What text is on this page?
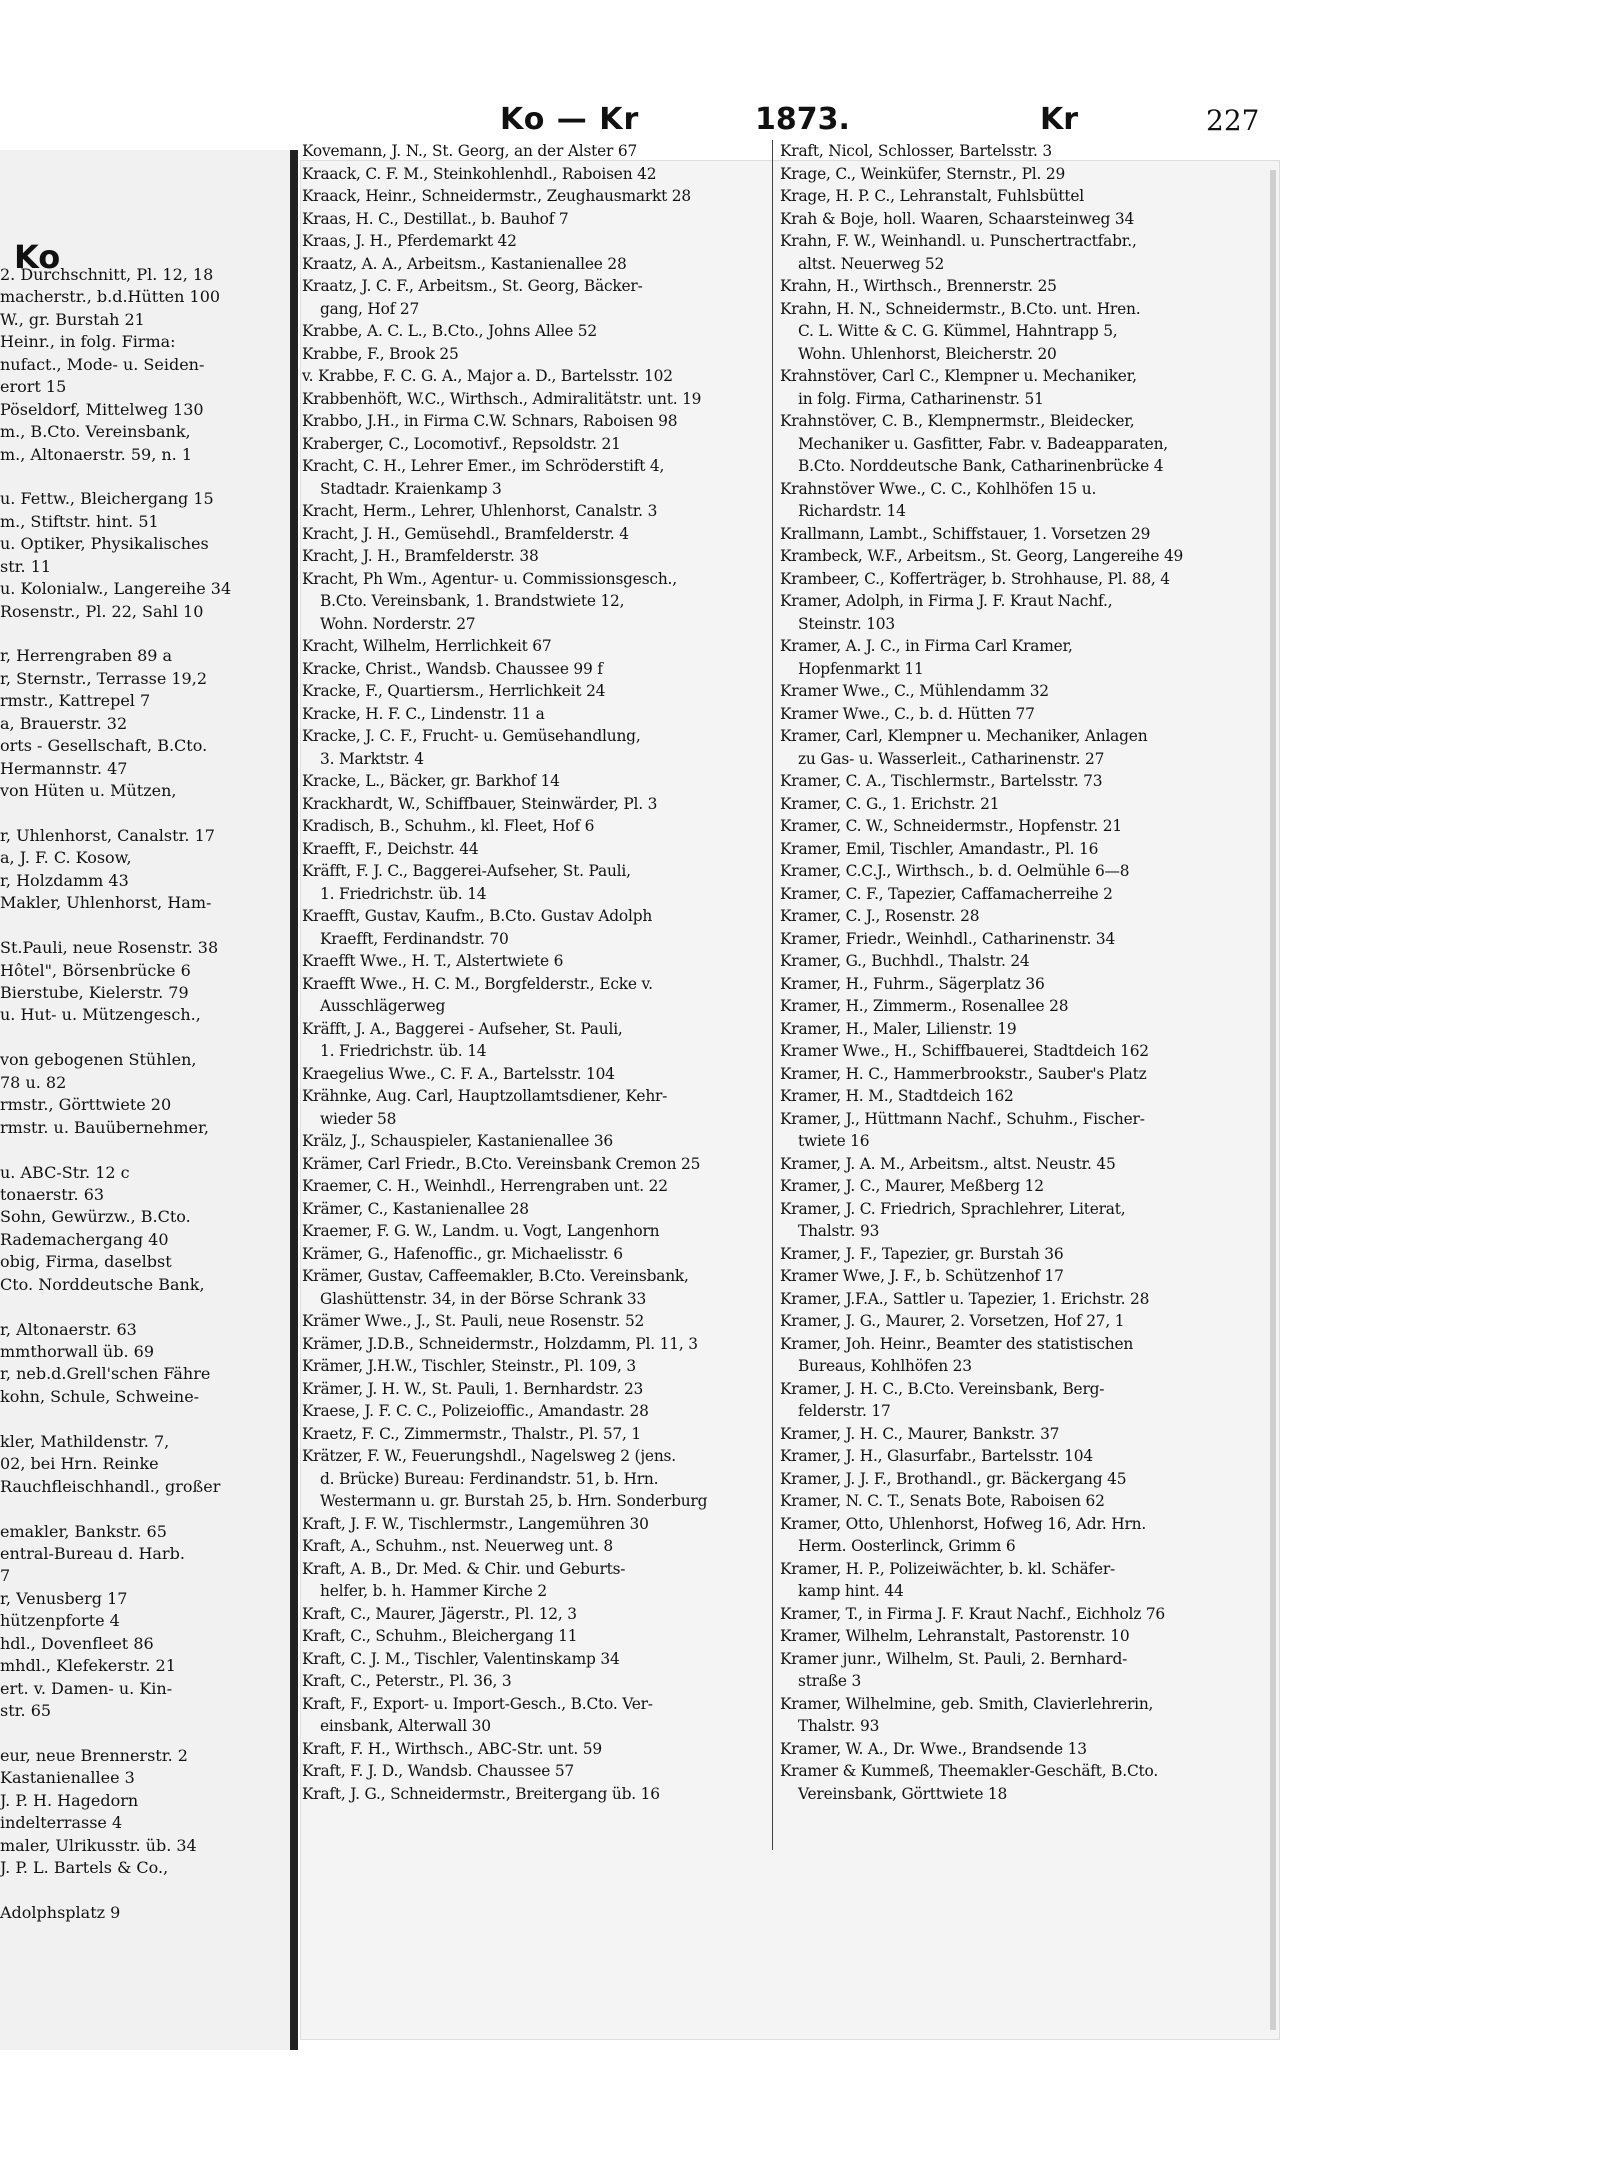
Ko
2. Durchschnitt, Pl. 12, 18
macherstr., b.d.Hütten 100
W., gr. Burstah 21
Heinr., in folg. Firma:
nufact., Mode- u. Seiden-
erort 15
Pöseldorf, Mittelweg 130
m., B.Cto. Vereinsbank,
m., Altonaerstr. 59, n. 1
u. Fettw., Bleichergang 15
m., Stiftstr. hint. 51
u. Optiker, Physikalisches
str. 11
u. Kolonialw., Langereihe 34
Rosenstr., Pl. 22, Sahl 10
r, Herrengraben 89 a
r, Sternstr., Terrasse 19,2
rmstr., Kattrepel 7
a, Brauerstr. 32
orts - Gesellschaft, B.Cto.
Hermannstr. 47
von Hüten u. Mützen,
r, Uhlenhorst, Canalstr. 17
a, J. F. C. Kosow,
r, Holzdamm 43
Makler, Uhlenhorst, Ham-
St.Pauli, neue Rosenstr. 38
Hôtel", Börsenbrücke 6
Bierstube, Kielerstr. 79
u. Hut- u. Mützengesch.,
von gebogenen Stühlen,
78 u. 82
rmstr., Görttwiete 20
rmstr. u. Bauübernehmer,
u. ABC-Str. 12 c
tonaerstr. 63
Sohn, Gewürzw., B.Cto.
Rademachergang 40
obig, Firma, daselbst
Cto. Norddeutsche Bank,
r, Altonaerstr. 63
mmthorwall üb. 69
r, neb.d.Grell'schen Fähre
kohn, Schule, Schweine-
kler, Mathildenstr. 7,
02, bei Hrn. Reinke
Rauchfleischhandl., großer
emakler, Bankstr. 65
entral-Bureau d. Harb.
7
r, Venusberg 17
hützenpforte 4
hdl., Dovenfleet 86
mhdl., Klefekerstr. 21
ert. v. Damen- u. Kin-
str. 65
eur, neue Brennerstr. 2
Kastanienallee 3
J. P. H. Hagedorn
indelterrasse 4
maler, Ulrikusstr. üb. 34
J. P. L. Bartels & Co.,
Adolphsplatz 9
Ko — Kr	1873.	Kr	227
Kovemann, J. N., St. Georg, an der Alster 67
Kraack, C. F. M., Steinkohlenhdl., Raboisen 42
Kraack, Heinr., Schneidermstr., Zeughausmarkt 28
Kraas, H. C., Destillat., b. Bauhof 7
Kraas, J. H., Pferdemarkt 42
Kraatz, A. A., Arbeitsm., Kastanienallee 28
Kraatz, J. C. F., Arbeitsm., St. Georg, Bäcker-
gang, Hof 27
Krabbe, A. C. L., B.Cto., Johns Allee 52
Krabbe, F., Brook 25
v. Krabbe, F. C. G. A., Major a. D., Bartelsstr. 102
Krabbenhöft, W.C., Wirthsch., Admiralitätstr. unt. 19
Krabbo, J.H., in Firma C.W. Schnars, Raboisen 98
Kraberger, C., Locomotivf., Repsoldstr. 21
Kracht, C. H., Lehrer Emer., im Schröderstift 4,
Stadtadr. Kraienkamp 3
Kracht, Herm., Lehrer, Uhlenhorst, Canalstr. 3
Kracht, J. H., Gemüsehdl., Bramfelderstr. 4
Kracht, J. H., Bramfelderstr. 38
Kracht, Ph Wm., Agentur- u. Commissionsgesch.,
B.Cto. Vereinsbank, 1. Brandstwiete 12,
Wohn. Norderstr. 27
Kracht, Wilhelm, Herrlichkeit 67
Kracke, Christ., Wandsb. Chaussee 99 f
Kracke, F., Quartiersm., Herrlichkeit 24
Kracke, H. F. C., Lindenstr. 11 a
Kracke, J. C. F., Frucht- u. Gemüsehandlung,
3. Marktstr. 4
Kracke, L., Bäcker, gr. Barkhof 14
Krackhardt, W., Schiffbauer, Steinwärder, Pl. 3
Kradisch, B., Schuhm., kl. Fleet, Hof 6
Kraefft, F., Deichstr. 44
Kräfft, F. J. C., Baggerei-Aufseher, St. Pauli,
1. Friedrichstr. üb. 14
Kraefft, Gustav, Kaufm., B.Cto. Gustav Adolph
Kraefft, Ferdinandstr. 70
Kraefft Wwe., H. T., Alstertwiete 6
Kraefft Wwe., H. C. M., Borgfelderstr., Ecke v.
Ausschlägerweg
Kräfft, J. A., Baggerei - Aufseher, St. Pauli,
1. Friedrichstr. üb. 14
Kraegelius Wwe., C. F. A., Bartelsstr. 104
Krähnke, Aug. Carl, Hauptzollamtsdiener, Kehr-
wieder 58
Krälz, J., Schauspieler, Kastanienallee 36
Krämer, Carl Friedr., B.Cto. Vereinsbank Cremon 25
Kraemer, C. H., Weinhdl., Herrengraben unt. 22
Krämer, C., Kastanienallee 28
Kraemer, F. G. W., Landm. u. Vogt, Langenhorn
Krämer, G., Hafenoffic., gr. Michaelisstr. 6
Krämer, Gustav, Caffeemakler, B.Cto. Vereinsbank,
Glashüttenstr. 34, in der Börse Schrank 33
Krämer Wwe., J., St. Pauli, neue Rosenstr. 52
Krämer, J.D.B., Schneidermstr., Holzdamm, Pl. 11, 3
Krämer, J.H.W., Tischler, Steinstr., Pl. 109, 3
Krämer, J. H. W., St. Pauli, 1. Bernhardstr. 23
Kraese, J. F. C. C., Polizeioffic., Amandastr. 28
Kraetz, F. C., Zimmermstr., Thalstr., Pl. 57, 1
Krätzer, F. W., Feuerungshdl., Nagelsweg 2 (jens.
d. Brücke) Bureau: Ferdinandstr. 51, b. Hrn.
Westermann u. gr. Burstah 25, b. Hrn. Sonderburg
Kraft, J. F. W., Tischlermstr., Langemühren 30
Kraft, A., Schuhm., nst. Neuerweg unt. 8
Kraft, A. B., Dr. Med. & Chir. und Geburts-
helfer, b. h. Hammer Kirche 2
Kraft, C., Maurer, Jägerstr., Pl. 12, 3
Kraft, C., Schuhm., Bleichergang 11
Kraft, C. J. M., Tischler, Valentinskamp 34
Kraft, C., Peterstr., Pl. 36, 3
Kraft, F., Export- u. Import-Gesch., B.Cto. Ver-
einsbank, Alterwall 30
Kraft, F. H., Wirthsch., ABC-Str. unt. 59
Kraft, F. J. D., Wandsb. Chaussee 57
Kraft, J. G., Schneidermstr., Breitergang üb. 16
Kraft, Nicol, Schlosser, Bartelsstr. 3
Krage, C., Weinküfer, Sternstr., Pl. 29
Krage, H. P. C., Lehranstalt, Fuhlsbüttel
Krah & Boje, holl. Waaren, Schaarsteinweg 34
Krahn, F. W., Weinhandl. u. Punschertractfabr.,
altst. Neuerweg 52
Krahn, H., Wirthsch., Brennerstr. 25
Krahn, H. N., Schneidermstr., B.Cto. unt. Hren.
C. L. Witte & C. G. Kümmel, Hahntrapp 5,
Wohn. Uhlenhorst, Bleicherstr. 20
Krahnstöver, Carl C., Klempner u. Mechaniker,
in folg. Firma, Catharinenstr. 51
Krahnstöver, C. B., Klempnermstr., Bleidecker,
Mechaniker u. Gasfitter, Fabr. v. Badeapparaten,
B.Cto. Norddeutsche Bank, Catharinenbrücke 4
Krahnstöver Wwe., C. C., Kohlhöfen 15 u.
Richardstr. 14
Krallmann, Lambt., Schiffstauer, 1. Vorsetzen 29
Krambeck, W.F., Arbeitsm., St. Georg, Langereihe 49
Krambeer, C., Kofferträger, b. Strohhause, Pl. 88, 4
Kramer, Adolph, in Firma J. F. Kraut Nachf.,
Steinstr. 103
Kramer, A. J. C., in Firma Carl Kramer,
Hopfenmarkt 11
Kramer Wwe., C., Mühlendamm 32
Kramer Wwe., C., b. d. Hütten 77
Kramer, Carl, Klempner u. Mechaniker, Anlagen
zu Gas- u. Wasserleit., Catharinenstr. 27
Kramer, C. A., Tischlermstr., Bartelsstr. 73
Kramer, C. G., 1. Erichstr. 21
Kramer, C. W., Schneidermstr., Hopfenstr. 21
Kramer, Emil, Tischler, Amandastr., Pl. 16
Kramer, C.C.J., Wirthsch., b. d. Oelmühle 6—8
Kramer, C. F., Tapezier, Caffamacherreihe 2
Kramer, C. J., Rosenstr. 28
Kramer, Friedr., Weinhdl., Catharinenstr. 34
Kramer, G., Buchhdl., Thalstr. 24
Kramer, H., Fuhrm., Sägerplatz 36
Kramer, H., Zimmerm., Rosenallee 28
Kramer, H., Maler, Lilienstr. 19
Kramer Wwe., H., Schiffbauerei, Stadtdeich 162
Kramer, H. C., Hammerbrookstr., Sauber's Platz
Kramer, H. M., Stadtdeich 162
Kramer, J., Hüttmann Nachf., Schuhm., Fischer-
twiete 16
Kramer, J. A. M., Arbeitsm., altst. Neustr. 45
Kramer, J. C., Maurer, Meßberg 12
Kramer, J. C. Friedrich, Sprachlehrer, Literat,
Thalstr. 93
Kramer, J. F., Tapezier, gr. Burstah 36
Kramer Wwe, J. F., b. Schützenhof 17
Kramer, J.F.A., Sattler u. Tapezier, 1. Erichstr. 28
Kramer, J. G., Maurer, 2. Vorsetzen, Hof 27, 1
Kramer, Joh. Heinr., Beamter des statistischen
Bureaus, Kohlhöfen 23
Kramer, J. H. C., B.Cto. Vereinsbank, Berg-
felderstr. 17
Kramer, J. H. C., Maurer, Bankstr. 37
Kramer, J. H., Glasurfabr., Bartelsstr. 104
Kramer, J. J. F., Brothandl., gr. Bäckergang 45
Kramer, N. C. T., Senats Bote, Raboisen 62
Kramer, Otto, Uhlenhorst, Hofweg 16, Adr. Hrn.
Herm. Oosterlinck, Grimm 6
Kramer, H. P., Polizeiwächter, b. kl. Schäfer-
kamp hint. 44
Kramer, T., in Firma J. F. Kraut Nachf., Eichholz 76
Kramer, Wilhelm, Lehranstalt, Pastorenstr. 10
Kramer junr., Wilhelm, St. Pauli, 2. Bernhard-
straße 3
Kramer, Wilhelmine, geb. Smith, Clavierlehrerin,
Thalstr. 93
Kramer, W. A., Dr. Wwe., Brandsende 13
Kramer & Kummeß, Theemakler-Geschäft, B.Cto.
Vereinsbank, Görttwiete 18
